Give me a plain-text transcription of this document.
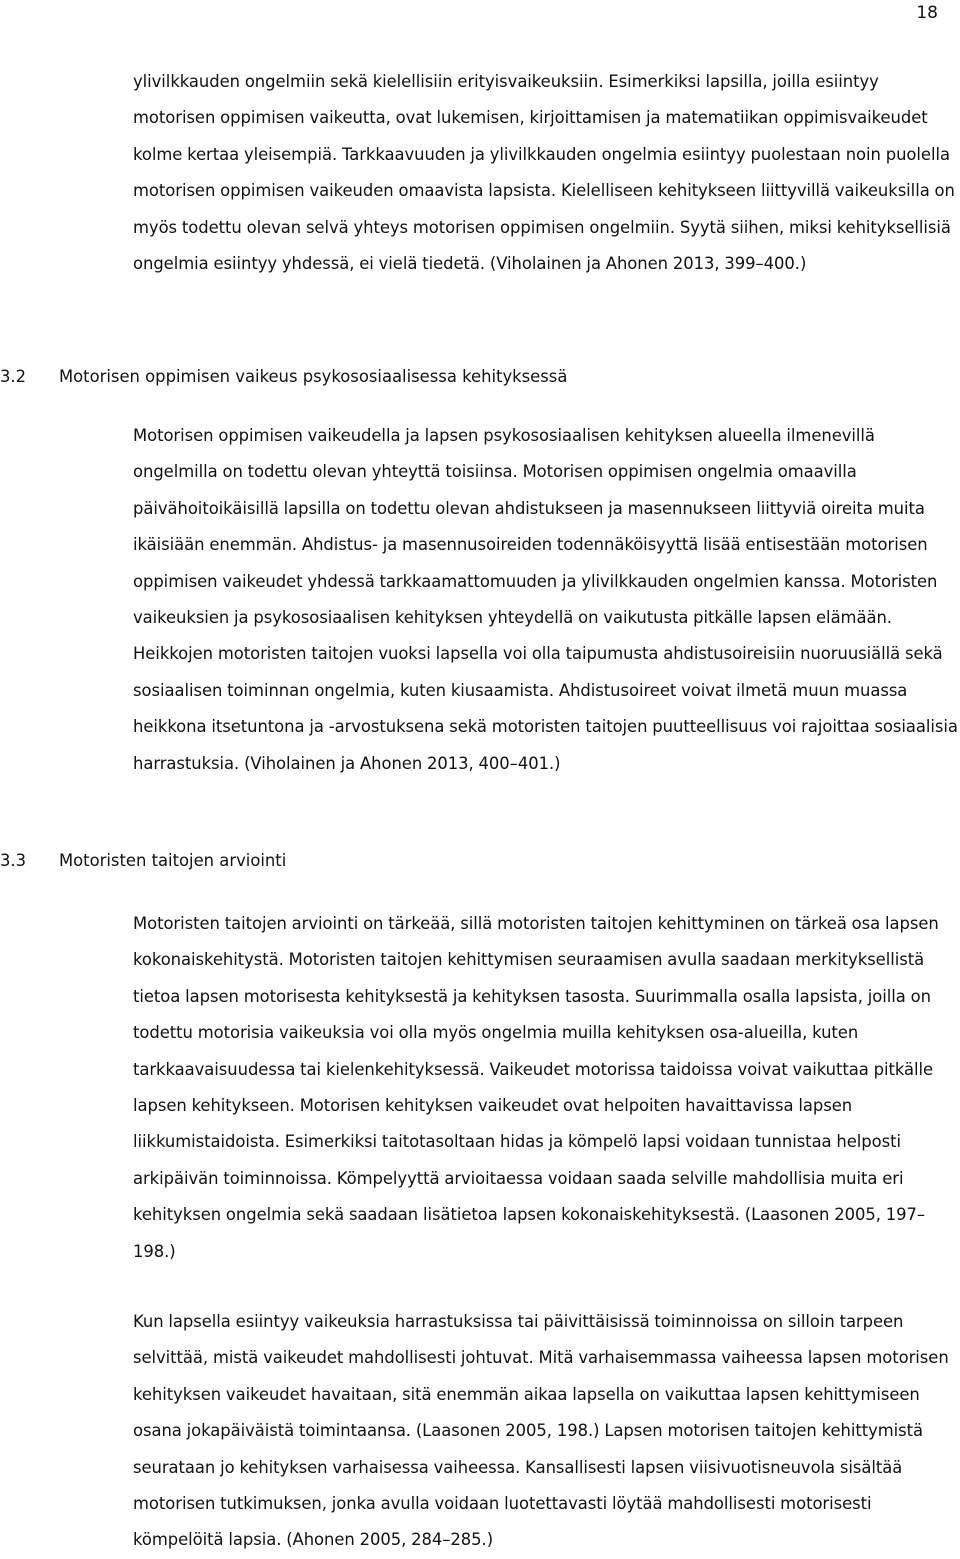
18

ylivilkkauden ongelmiin sekä kielellisiin erityisvaikeuksiin. Esimerkiksi lapsilla, joilla esiintyy motorisen oppimisen vaikeutta, ovat lukemisen, kirjoittamisen ja matematiikan oppimisvaikeudet kolme kertaa yleisempiä. Tarkkaavuuden ja ylivilkkauden ongelmia esiintyy puolestaan noin puolella motorisen oppimisen vaikeuden omaavista lapsista. Kielelliseen kehitykseen liittyvillä vaikeuksilla on myös todettu olevan selvä yhteys motorisen oppimisen ongelmiin. Syytä siihen, miksi kehityksellisiä ongelmia esiintyy yhdessä, ei vielä tiedetä. (Viholainen ja Ahonen 2013, 399–400.)

3.2 Motorisen oppimisen vaikeus psykososiaalisessa kehityksessä

Motorisen oppimisen vaikeudella ja lapsen psykososiaalisen kehityksen alueella ilmenevillä ongelmilla on todettu olevan yhteyttä toisiinsa. Motorisen oppimisen ongelmia omaavilla päivähoitoikäisillä lapsilla on todettu olevan ahdistukseen ja masennukseen liittyviä oireita muita ikäisiään enemmän. Ahdistus- ja masennusoireiden todennäköisyyttä lisää entisestään motorisen oppimisen vaikeudet yhdessä tarkkaamattomuuden ja ylivilkkauden ongelmien kanssa. Motoristen vaikeuksien ja psykososiaalisen kehityksen yhteydellä on vaikutusta pitkälle lapsen elämään. Heikkojen motoristen taitojen vuoksi lapsella voi olla taipumusta ahdistusoireisiin nuoruusiällä sekä sosiaalisen toiminnan ongelmia, kuten kiusaamista. Ahdistusoireet voivat ilmetä muun muassa heikkona itsetuntona ja -arvostuksena sekä motoristen taitojen puutteellisuus voi rajoittaa sosiaalisia harrastuksia. (Viholainen ja Ahonen 2013, 400–401.)

3.3 Motoristen taitojen arviointi

Motoristen taitojen arviointi on tärkeää, sillä motoristen taitojen kehittyminen on tärkeä osa lapsen kokonaiskehitystä. Motoristen taitojen kehittymisen seuraamisen avulla saadaan merkityksellistä tietoa lapsen motorisesta kehityksestä ja kehityksen tasosta. Suurimmalla osalla lapsista, joilla on todettu motorisia vaikeuksia voi olla myös ongelmia muilla kehityksen osa-alueilla, kuten tarkkaavaisuudessa tai kielenkehityksessä. Vaikeudet motorissa taidoissa voivat vaikuttaa pitkälle lapsen kehitykseen. Motorisen kehityksen vaikeudet ovat helpoiten havaittavissa lapsen liikkumistaidoista. Esimerkiksi taitotasoltaan hidas ja kömpelö lapsi voidaan tunnistaa helposti arkipäivän toiminnoissa. Kömpelyyttä arvioitaessa voidaan saada selville mahdollisia muita eri kehityksen ongelmia sekä saadaan lisätietoa lapsen kokonaiskehityksestä. (Laasonen 2005, 197–198.)

Kun lapsella esiintyy vaikeuksia harrastuksissa tai päivittäisissä toiminnoissa on silloin tarpeen selvittää, mistä vaikeudet mahdollisesti johtuvat. Mitä varhaisemmassa vaiheessa lapsen motorisen kehityksen vaikeudet havaitaan, sitä enemmän aikaa lapsella on vaikuttaa lapsen kehittymiseen osana jokapäiväistä toimintaansa. (Laasonen 2005, 198.) Lapsen motorisen taitojen kehittymistä seurataan jo kehityksen varhaisessa vaiheessa. Kansallisesti lapsen viisivuotisneuvola sisältää motorisen tutkimuksen, jonka avulla voidaan luotettavasti löytää mahdollisesti motorisesti kömpelöitä lapsia. (Ahonen 2005, 284–285.)
